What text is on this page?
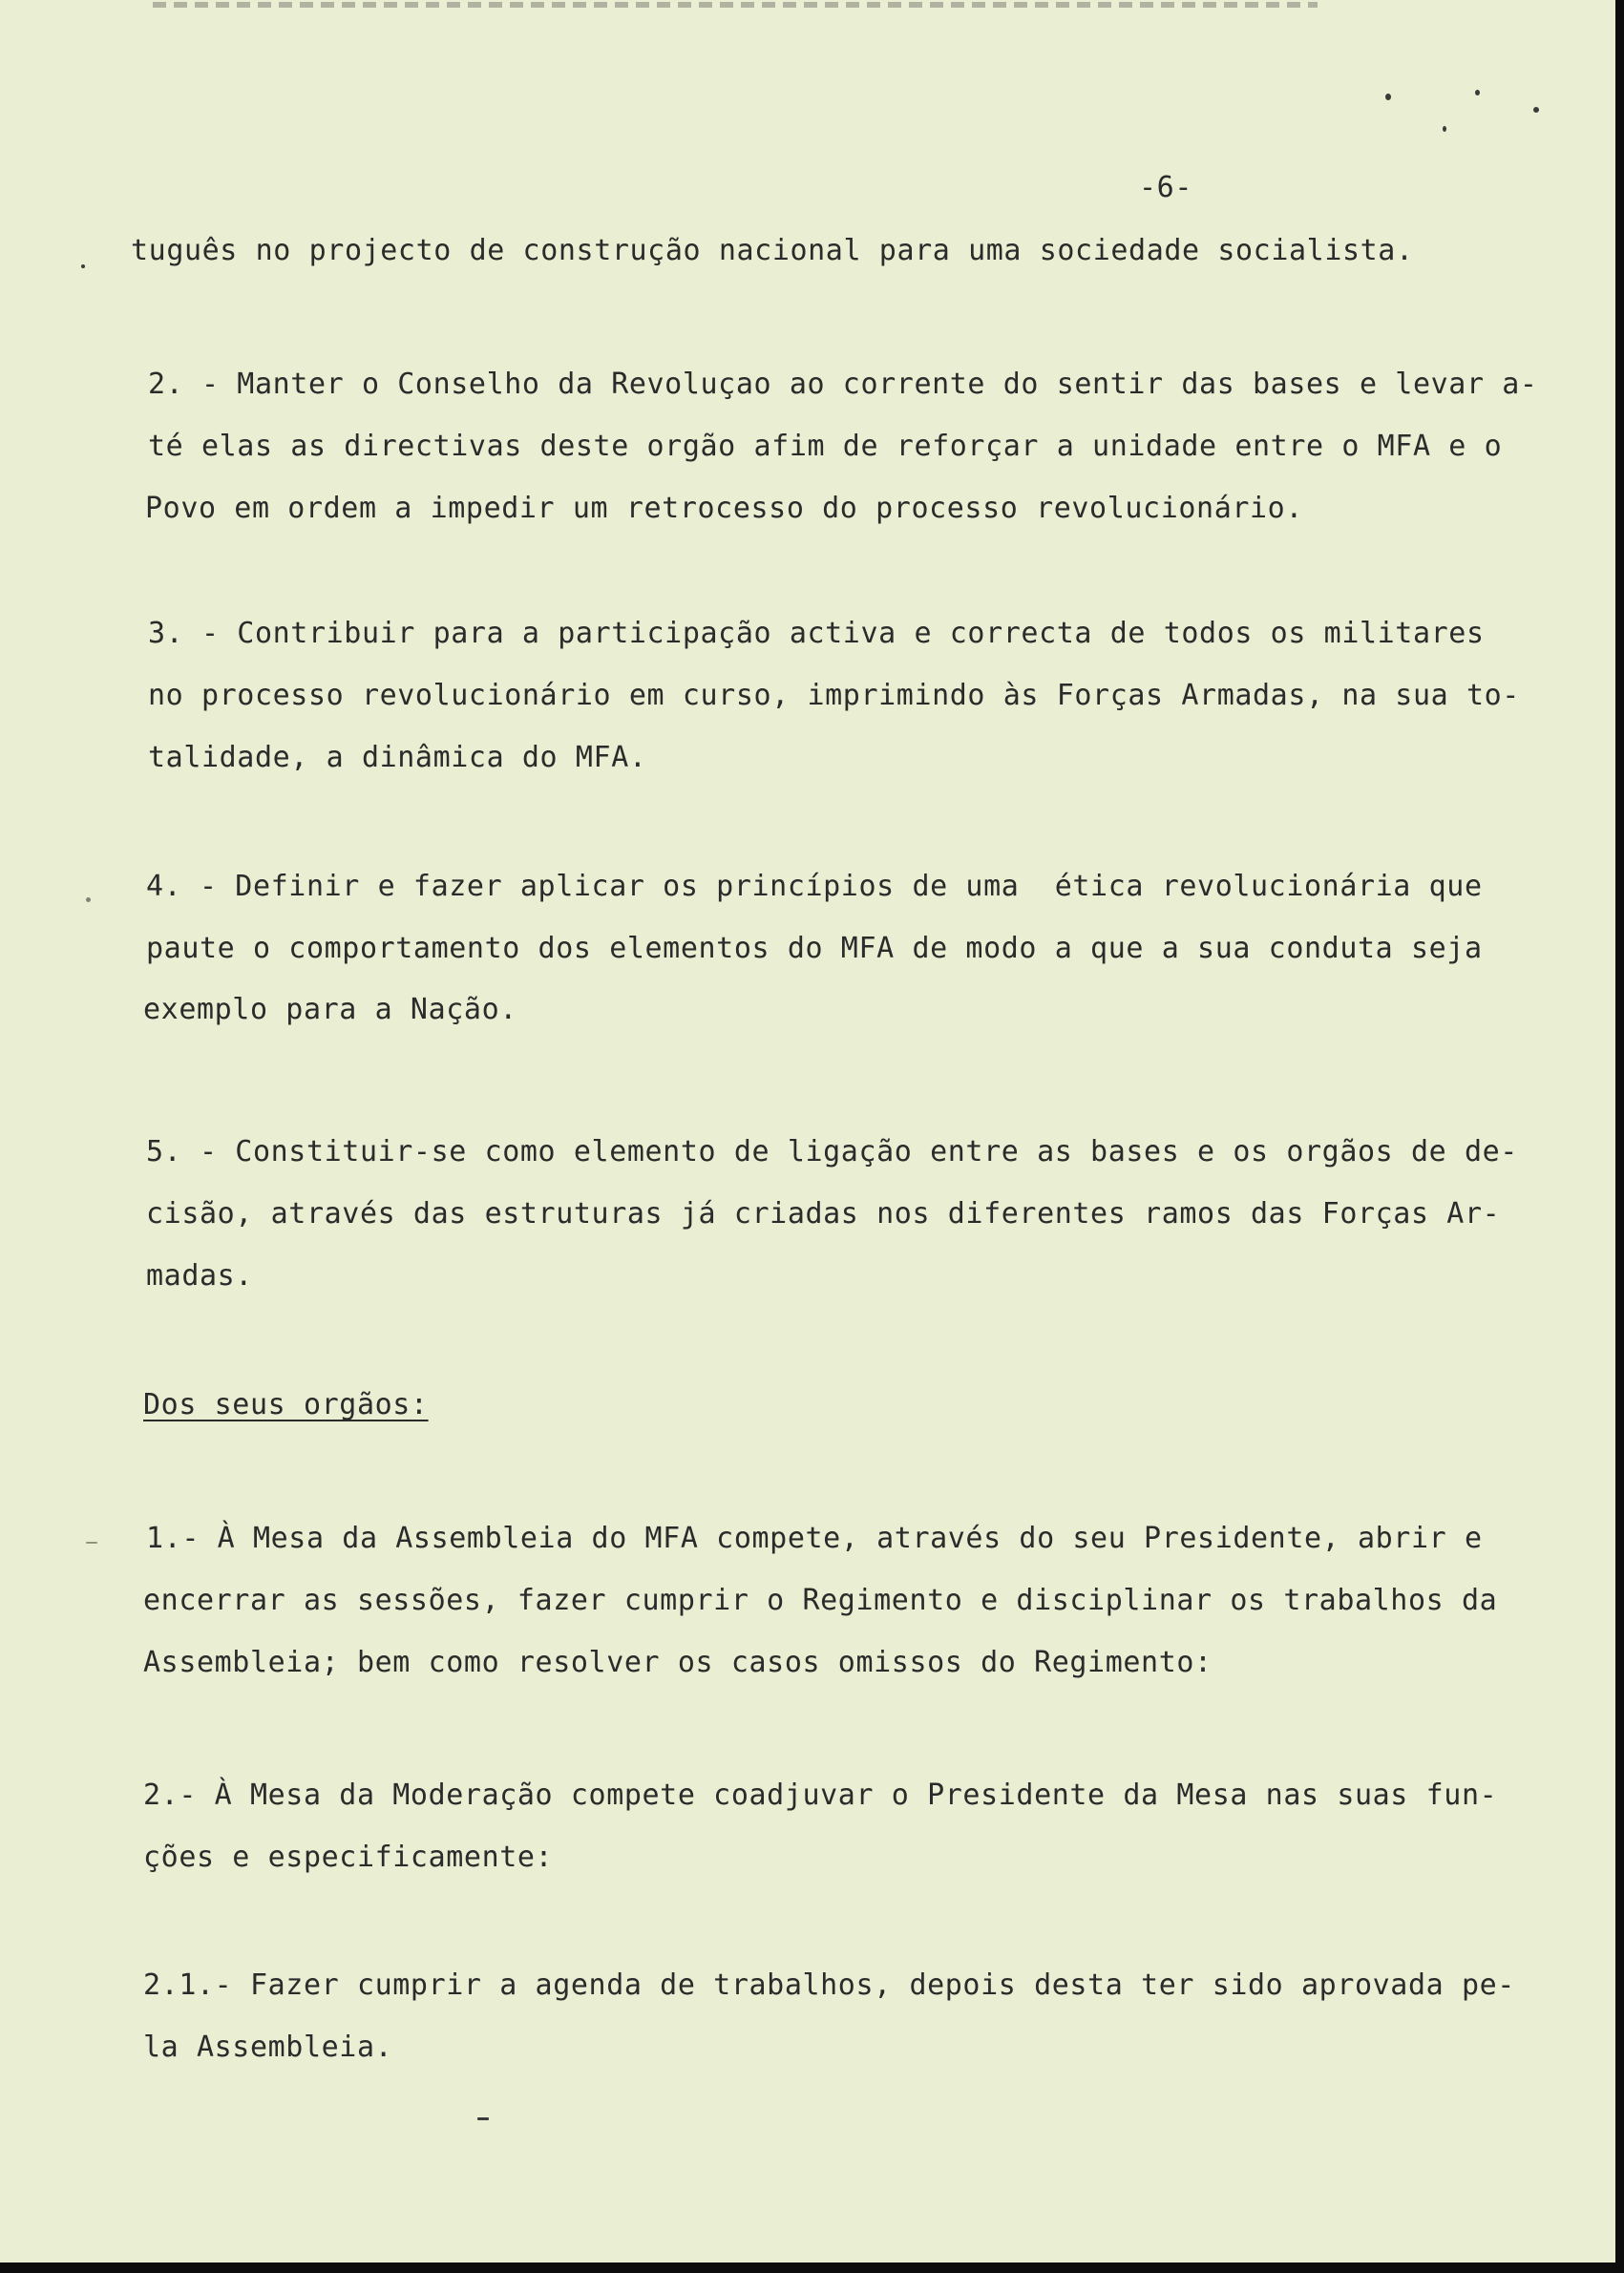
-6-
tuguês no projecto de construção nacional para uma sociedade socialista.
2. - Manter o Conselho da Revoluçao ao corrente do sentir das bases e levar a-
té elas as directivas deste orgão afim de reforçar a unidade entre o MFA e o
Povo em ordem a impedir um retrocesso do processo revolucionário.
3. - Contribuir para a participação activa e correcta de todos os militares
no processo revolucionário em curso, imprimindo às Forças Armadas, na sua to-
talidade, a dinâmica do MFA.
4. - Definir e fazer aplicar os princípios de uma  ética revolucionária que
paute o comportamento dos elementos do MFA de modo a que a sua conduta seja
exemplo para a Nação.
5. - Constituir-se como elemento de ligação entre as bases e os orgãos de de-
cisão, através das estruturas já criadas nos diferentes ramos das Forças Ar-
madas.
Dos seus orgãos:
1.- À Mesa da Assembleia do MFA compete, através do seu Presidente, abrir e
encerrar as sessões, fazer cumprir o Regimento e disciplinar os trabalhos da
Assembleia; bem como resolver os casos omissos do Regimento:
2.- À Mesa da Moderação compete coadjuvar o Presidente da Mesa nas suas fun-
ções e especificamente:
2.1.- Fazer cumprir a agenda de trabalhos, depois desta ter sido aprovada pe-
la Assembleia.
